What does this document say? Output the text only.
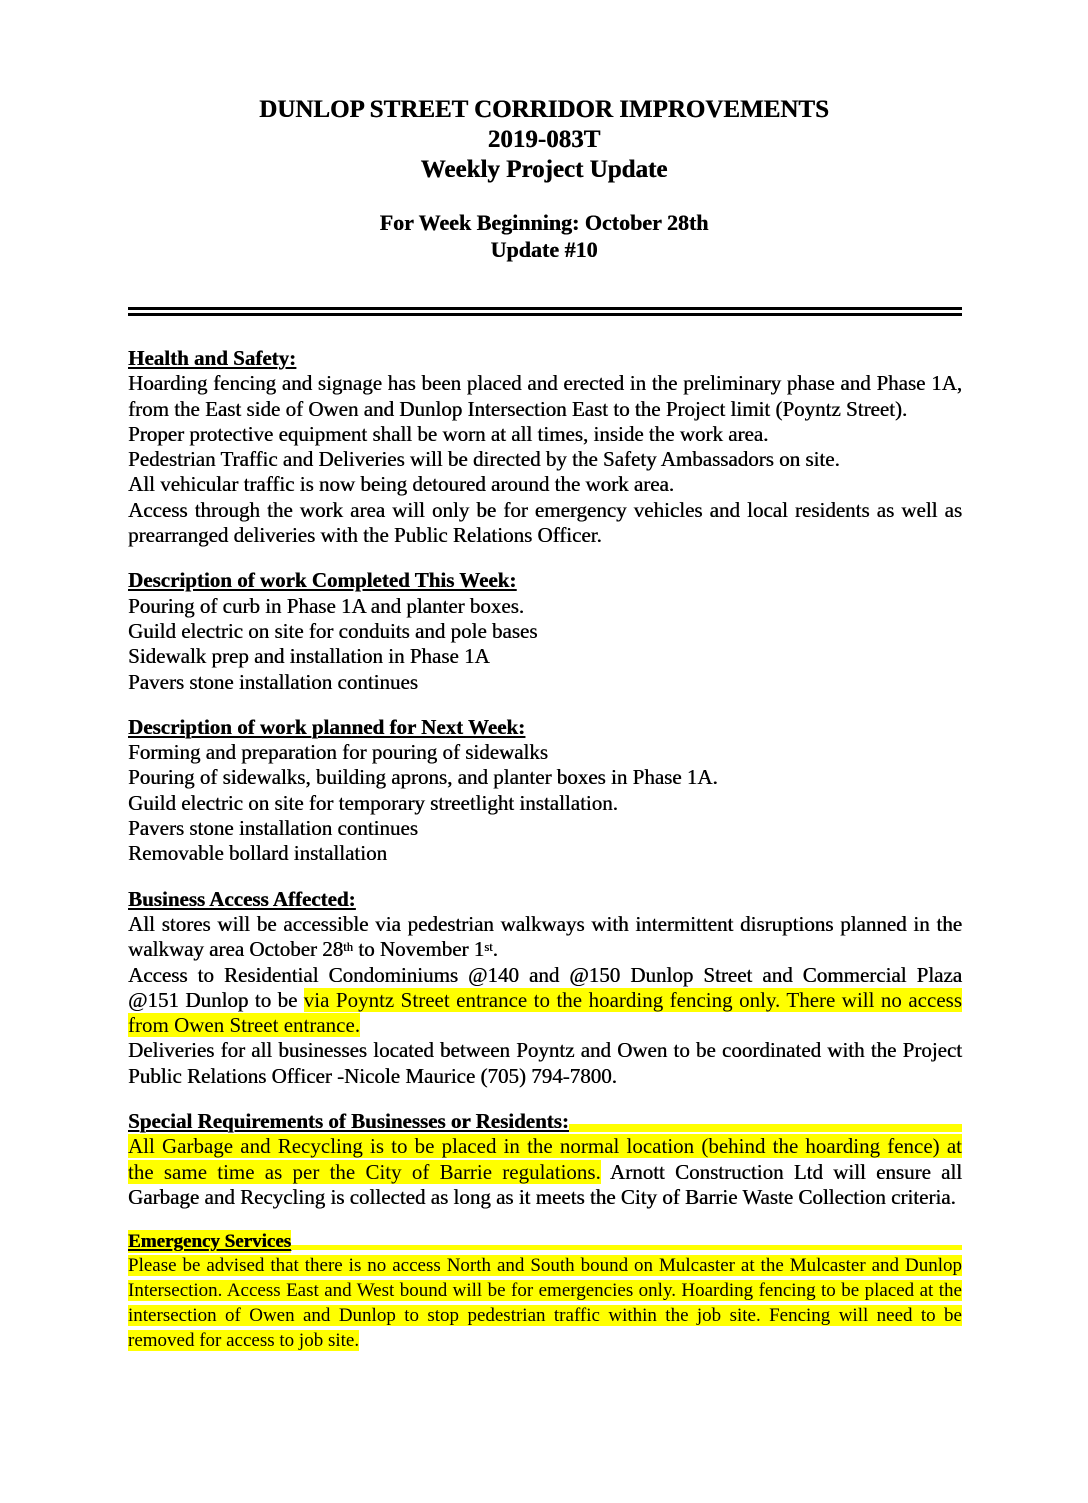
DUNLOP STREET CORRIDOR IMPROVEMENTS
2019-083T
Weekly Project Update
For Week Beginning: October 28th
Update #10
Health and Safety:

Hoarding fencing and signage has been placed and erected in the preliminary phase and Phase 1A, from the East side of Owen and Dunlop Intersection East to the Project limit (Poyntz Street).

Proper protective equipment shall be worn at all times, inside the work area.

Pedestrian Traffic and Deliveries will be directed by the Safety Ambassadors on site.

All vehicular traffic is now being detoured around the work area.

Access through the work area will only be for emergency vehicles and local residents as well as prearranged deliveries with the Public Relations Officer.

Description of work Completed This Week:

Pouring of curb in Phase 1A and planter boxes.

Guild electric on site for conduits and pole bases

Sidewalk prep and installation in Phase 1A

Pavers stone installation continues

Description of work planned for Next Week:

Forming and preparation for pouring of sidewalks

Pouring of sidewalks, building aprons, and planter boxes in Phase 1A.

Guild electric on site for temporary streetlight installation.

Pavers stone installation continues

Removable bollard installation

Business Access Affected:

All stores will be accessible via pedestrian walkways with intermittent disruptions planned in the walkway area October 28th to November 1st.

Access to Residential Condominiums @140 and @150 Dunlop Street and Commercial Plaza @151 Dunlop to be via Poyntz Street entrance to the hoarding fencing only. There will no access from Owen Street entrance.

Deliveries for all businesses located between Poyntz and Owen to be coordinated with the Project Public Relations Officer -Nicole Maurice (705) 794-7800.

Special Requirements of Businesses or Residents:

All Garbage and Recycling is to be placed in the normal location (behind the hoarding fence) at the same time as per the City of Barrie regulations. Arnott Construction Ltd will ensure all Garbage and Recycling is collected as long as it meets the City of Barrie Waste Collection criteria.

Emergency Services

Please be advised that there is no access North and South bound on Mulcaster at the Mulcaster and Dunlop Intersection. Access East and West bound will be for emergencies only. Hoarding fencing to be placed at the intersection of Owen and Dunlop to stop pedestrian traffic within the job site. Fencing will need to be removed for access to job site.
